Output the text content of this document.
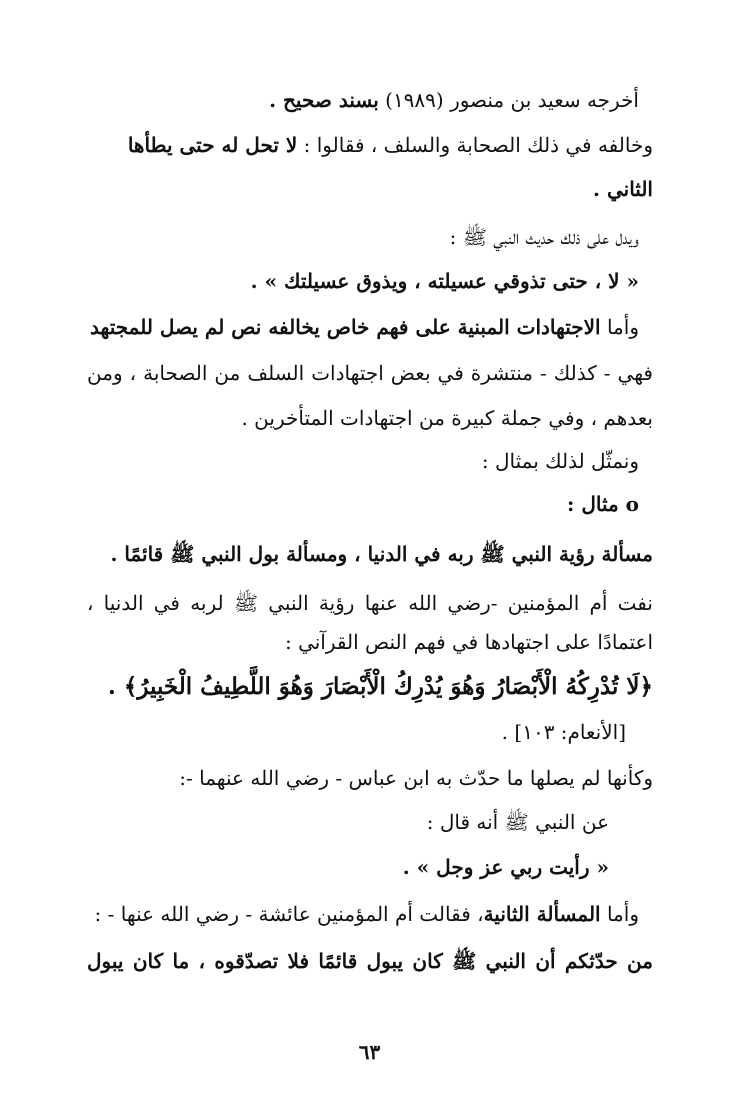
أخرجه سعيد بن منصور (١٩٨٩) بسند صحيح .
وخالفه في ذلك الصحابة والسلف ، فقالوا : لا تحل له حتى يطأها
الثاني .
ويدل على ذلك حديث النبي ﷺ :
« لا ، حتى تذوقي عسيلته ، ويذوق عسيلتك » .
وأما الاجتهادات المبنية على فهم خاص يخالفه نص لم يصل للمجتهد
فهي - كذلك - منتشرة في بعض اجتهادات السلف من الصحابة ، ومن
بعدهم ، وفي جملة كبيرة من اجتهادات المتأخرين .
ونمثّل لذلك بمثال :
ο مثال :
مسألة رؤية النبي ﷺ ربه في الدنيا ، ومسألة بول النبي ﷺ قائمًا .
نفت أم المؤمنين -رضي الله عنها رؤية النبي ﷺ لربه في الدنيا ،
اعتمادًا على اجتهادها في فهم النص القرآني :
﴿لَا تُدْرِكُهُ الْأَبْصَارُ وَهُوَ يُدْرِكُ الْأَبْصَارَ وَهُوَ اللَّطِيفُ الْخَبِيرُ﴾ .
[الأنعام: ١٠٣] .
وكأنها لم يصلها ما حدّث به ابن عباس - رضي الله عنهما -:
عن النبي ﷺ أنه قال :
« رأيت ربي عز وجل » .
وأما المسألة الثانية، فقالت أم المؤمنين عائشة - رضي الله عنها - :
من حدّثكم أن النبي ﷺ كان يبول قائمًا فلا تصدّقوه ، ما كان يبول
٦٣
